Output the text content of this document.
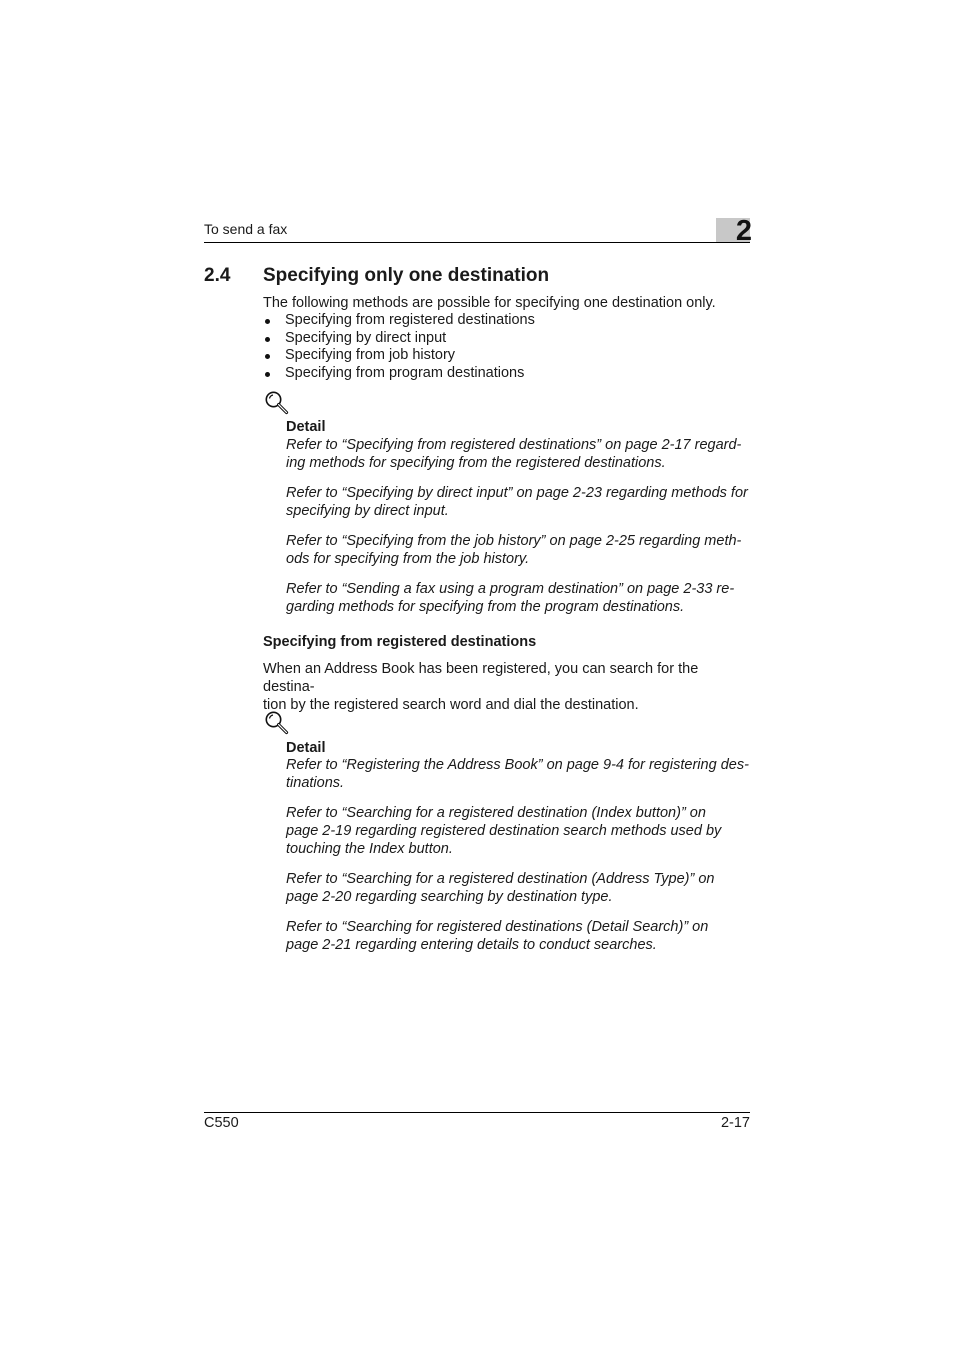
To send a fax	2
2.4 Specifying only one destination
The following methods are possible for specifying one destination only.
Specifying from registered destinations
Specifying by direct input
Specifying from job history
Specifying from program destinations
Detail

Refer to “Specifying from registered destinations” on page 2-17 regard-
ing methods for specifying from the registered destinations.

Refer to “Specifying by direct input” on page 2-23 regarding methods for
specifying by direct input.

Refer to “Specifying from the job history” on page 2-25 regarding meth-
ods for specifying from the job history.

Refer to “Sending a fax using a program destination” on page 2-33 re-
garding methods for specifying from the program destinations.

Specifying from registered destinations

When an Address Book has been registered, you can search for the destina-
tion by the registered search word and dial the destination.

Detail

Refer to “Registering the Address Book” on page 9-4 for registering des-
tinations.

Refer to “Searching for a registered destination (Index button)” on
page 2-19 regarding registered destination search methods used by
touching the Index button.

Refer to “Searching for a registered destination (Address Type)” on
page 2-20 regarding searching by destination type.

Refer to “Searching for registered destinations (Detail Search)” on
page 2-21 regarding entering details to conduct searches.

C550	2-17
